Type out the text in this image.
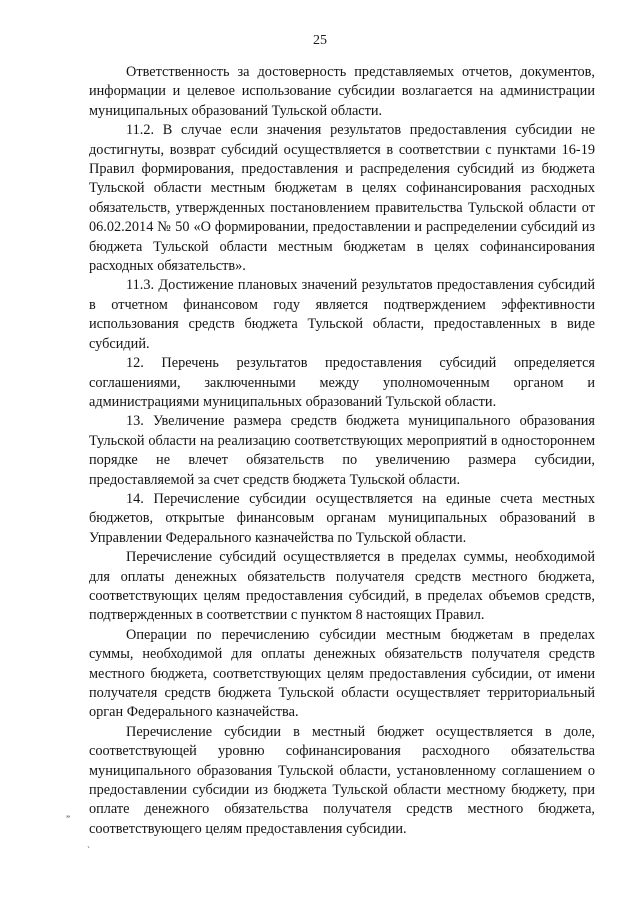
25

Ответственность за достоверность представляемых отчетов, документов, информации и целевое использование субсидии возлагается на администрации муниципальных образований Тульской области.

11.2. В случае если значения результатов предоставления субсидии не достигнуты, возврат субсидий осуществляется в соответствии с пунктами 16-19 Правил формирования, предоставления и распределения субсидий из бюджета Тульской области местным бюджетам в целях софинансирования расходных обязательств, утвержденных постановлением правительства Тульской области от 06.02.2014 № 50 «О формировании, предоставлении и распределении субсидий из бюджета Тульской области местным бюджетам в целях софинансирования расходных обязательств».

11.3. Достижение плановых значений результатов предоставления субсидий в отчетном финансовом году является подтверждением эффективности использования средств бюджета Тульской области, предоставленных в виде субсидий.

12. Перечень результатов предоставления субсидий определяется соглашениями, заключенными между уполномоченным органом и администрациями муниципальных образований Тульской области.

13. Увеличение размера средств бюджета муниципального образования Тульской области на реализацию соответствующих мероприятий в одностороннем порядке не влечет обязательств по увеличению размера субсидии, предоставляемой за счет средств бюджета Тульской области.

14. Перечисление субсидии осуществляется на единые счета местных бюджетов, открытые финансовым органам муниципальных образований в Управлении Федерального казначейства по Тульской области.

Перечисление субсидий осуществляется в пределах суммы, необходимой для оплаты денежных обязательств получателя средств местного бюджета, соответствующих целям предоставления субсидий, в пределах объемов средств, подтвержденных в соответствии с пунктом 8 настоящих Правил.

Операции по перечислению субсидии местным бюджетам в пределах суммы, необходимой для оплаты денежных обязательств получателя средств местного бюджета, соответствующих целям предоставления субсидии, от имени получателя средств бюджета Тульской области осуществляет территориальный орган Федерального казначейства.

Перечисление субсидии в местный бюджет осуществляется в доле, соответствующей уровню софинансирования расходного обязательства муниципального образования Тульской области, установленному соглашением о предоставлении субсидии из бюджета Тульской области местному бюджету, при оплате денежного обязательства получателя средств местного бюджета, соответствующего целям предоставления субсидии.

”
ˏ
